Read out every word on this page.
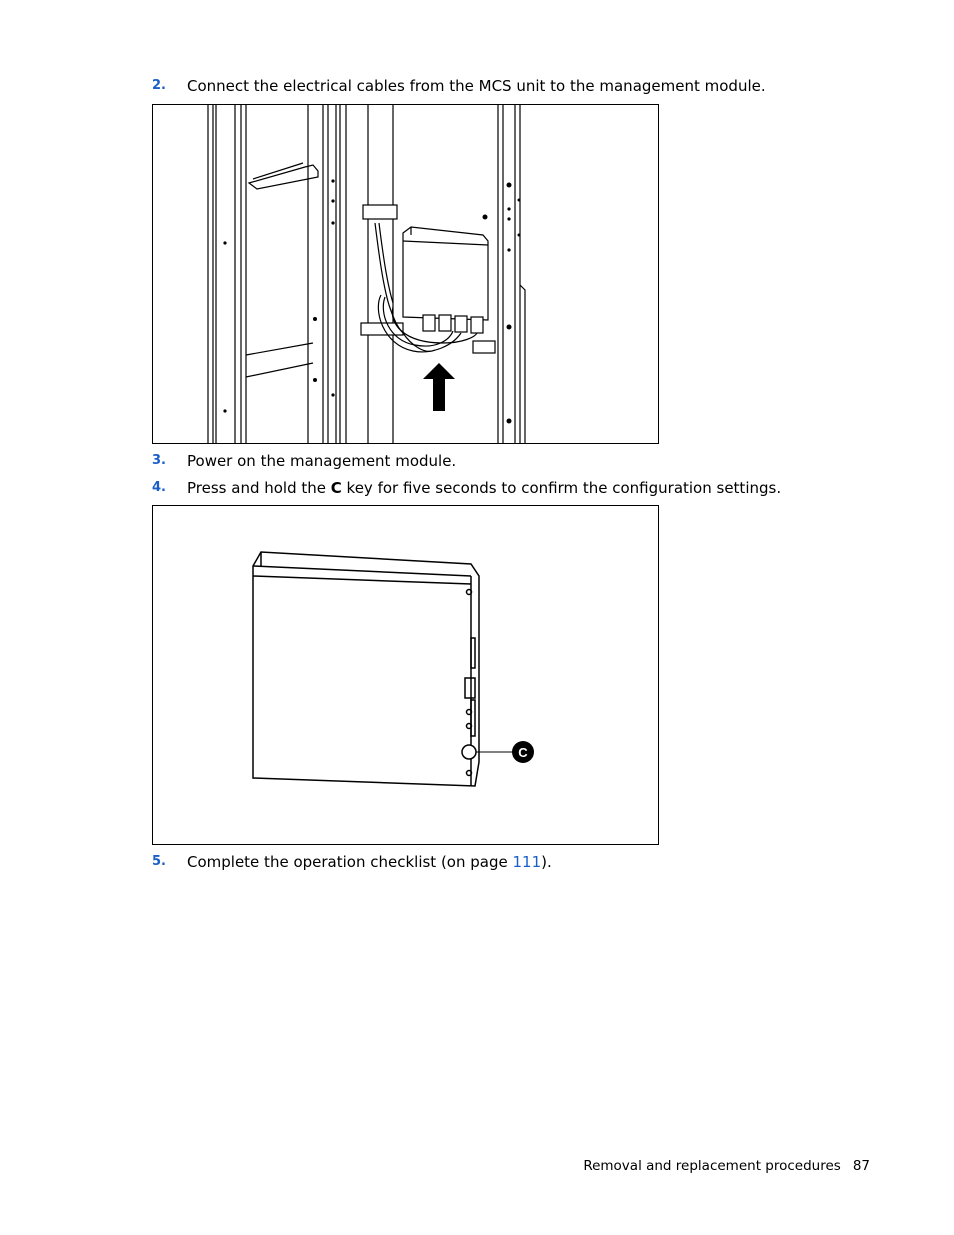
2. Connect the electrical cables from the MCS unit to the management module.
3. Power on the management module.
4. Press and hold the C key for five seconds to confirm the configuration settings.
C
5. Complete the operation checklist (on page 111).
Removal and replacement procedures 87
